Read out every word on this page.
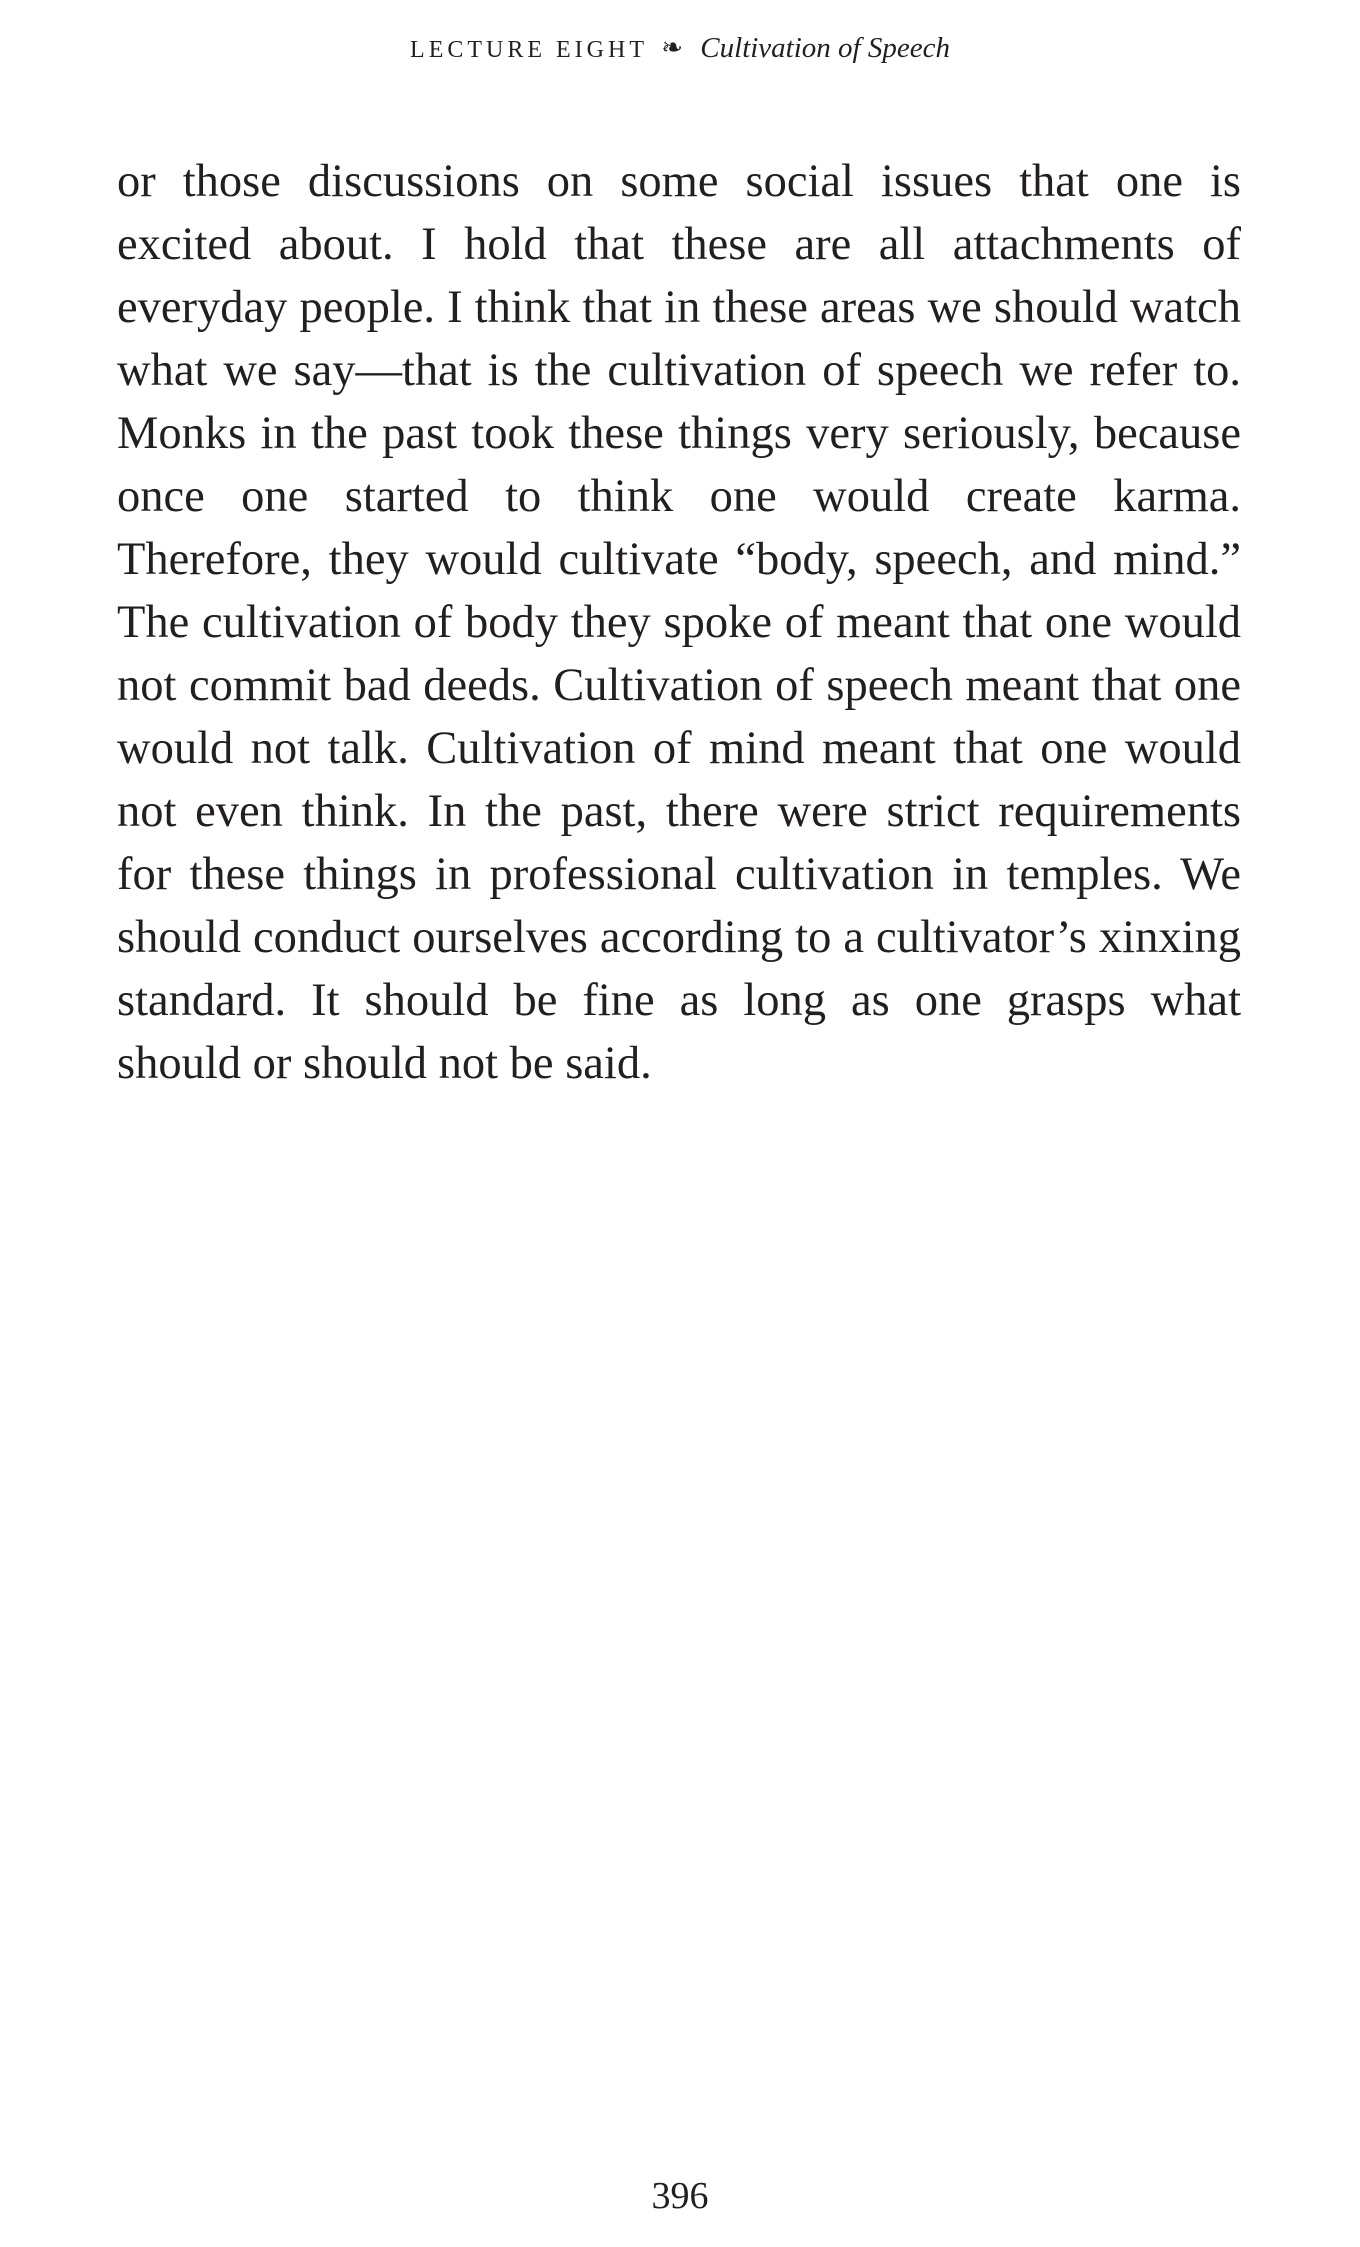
LECTURE EIGHT ❧ Cultivation of Speech

or those discussions on some social issues that one is excited about. I hold that these are all attachments of everyday people. I think that in these areas we should watch what we say—that is the cultivation of speech we refer to. Monks in the past took these things very seriously, because once one started to think one would create karma. Therefore, they would cultivate “body, speech, and mind.” The cultivation of body they spoke of meant that one would not commit bad deeds. Cultivation of speech meant that one would not talk. Cultivation of mind meant that one would not even think. In the past, there were strict requirements for these things in professional cultivation in temples. We should conduct ourselves according to a cultivator’s xinxing standard. It should be fine as long as one grasps what should or should not be said.

396
